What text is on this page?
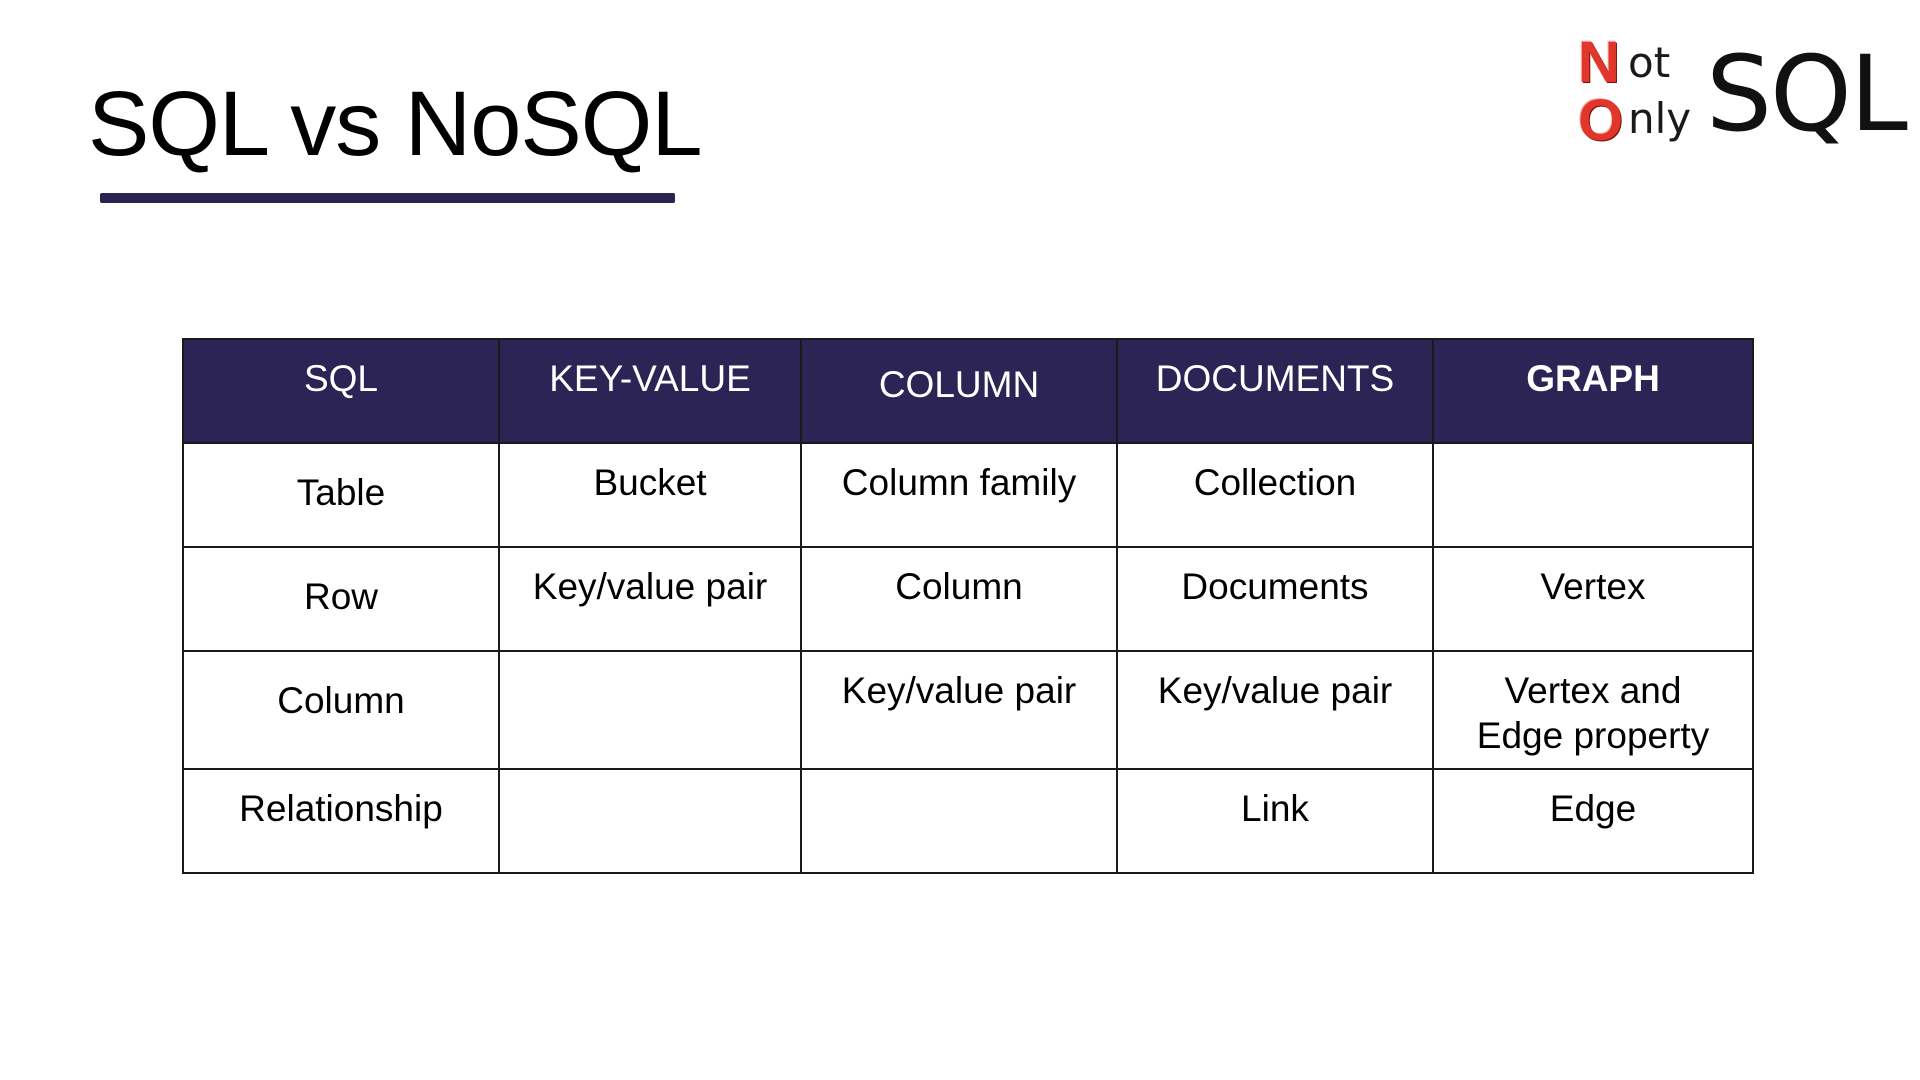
SQL vs NoSQL
N ot
O nly SQL
SQL	KEY-VALUE	COLUMN	DOCUMENTS	GRAPH
Table	Bucket	Column family	Collection	
Row	Key/value pair	Column	Documents	Vertex
Column		Key/value pair	Key/value pair	Vertex and
Edge property
Relationship			Link	Edge
